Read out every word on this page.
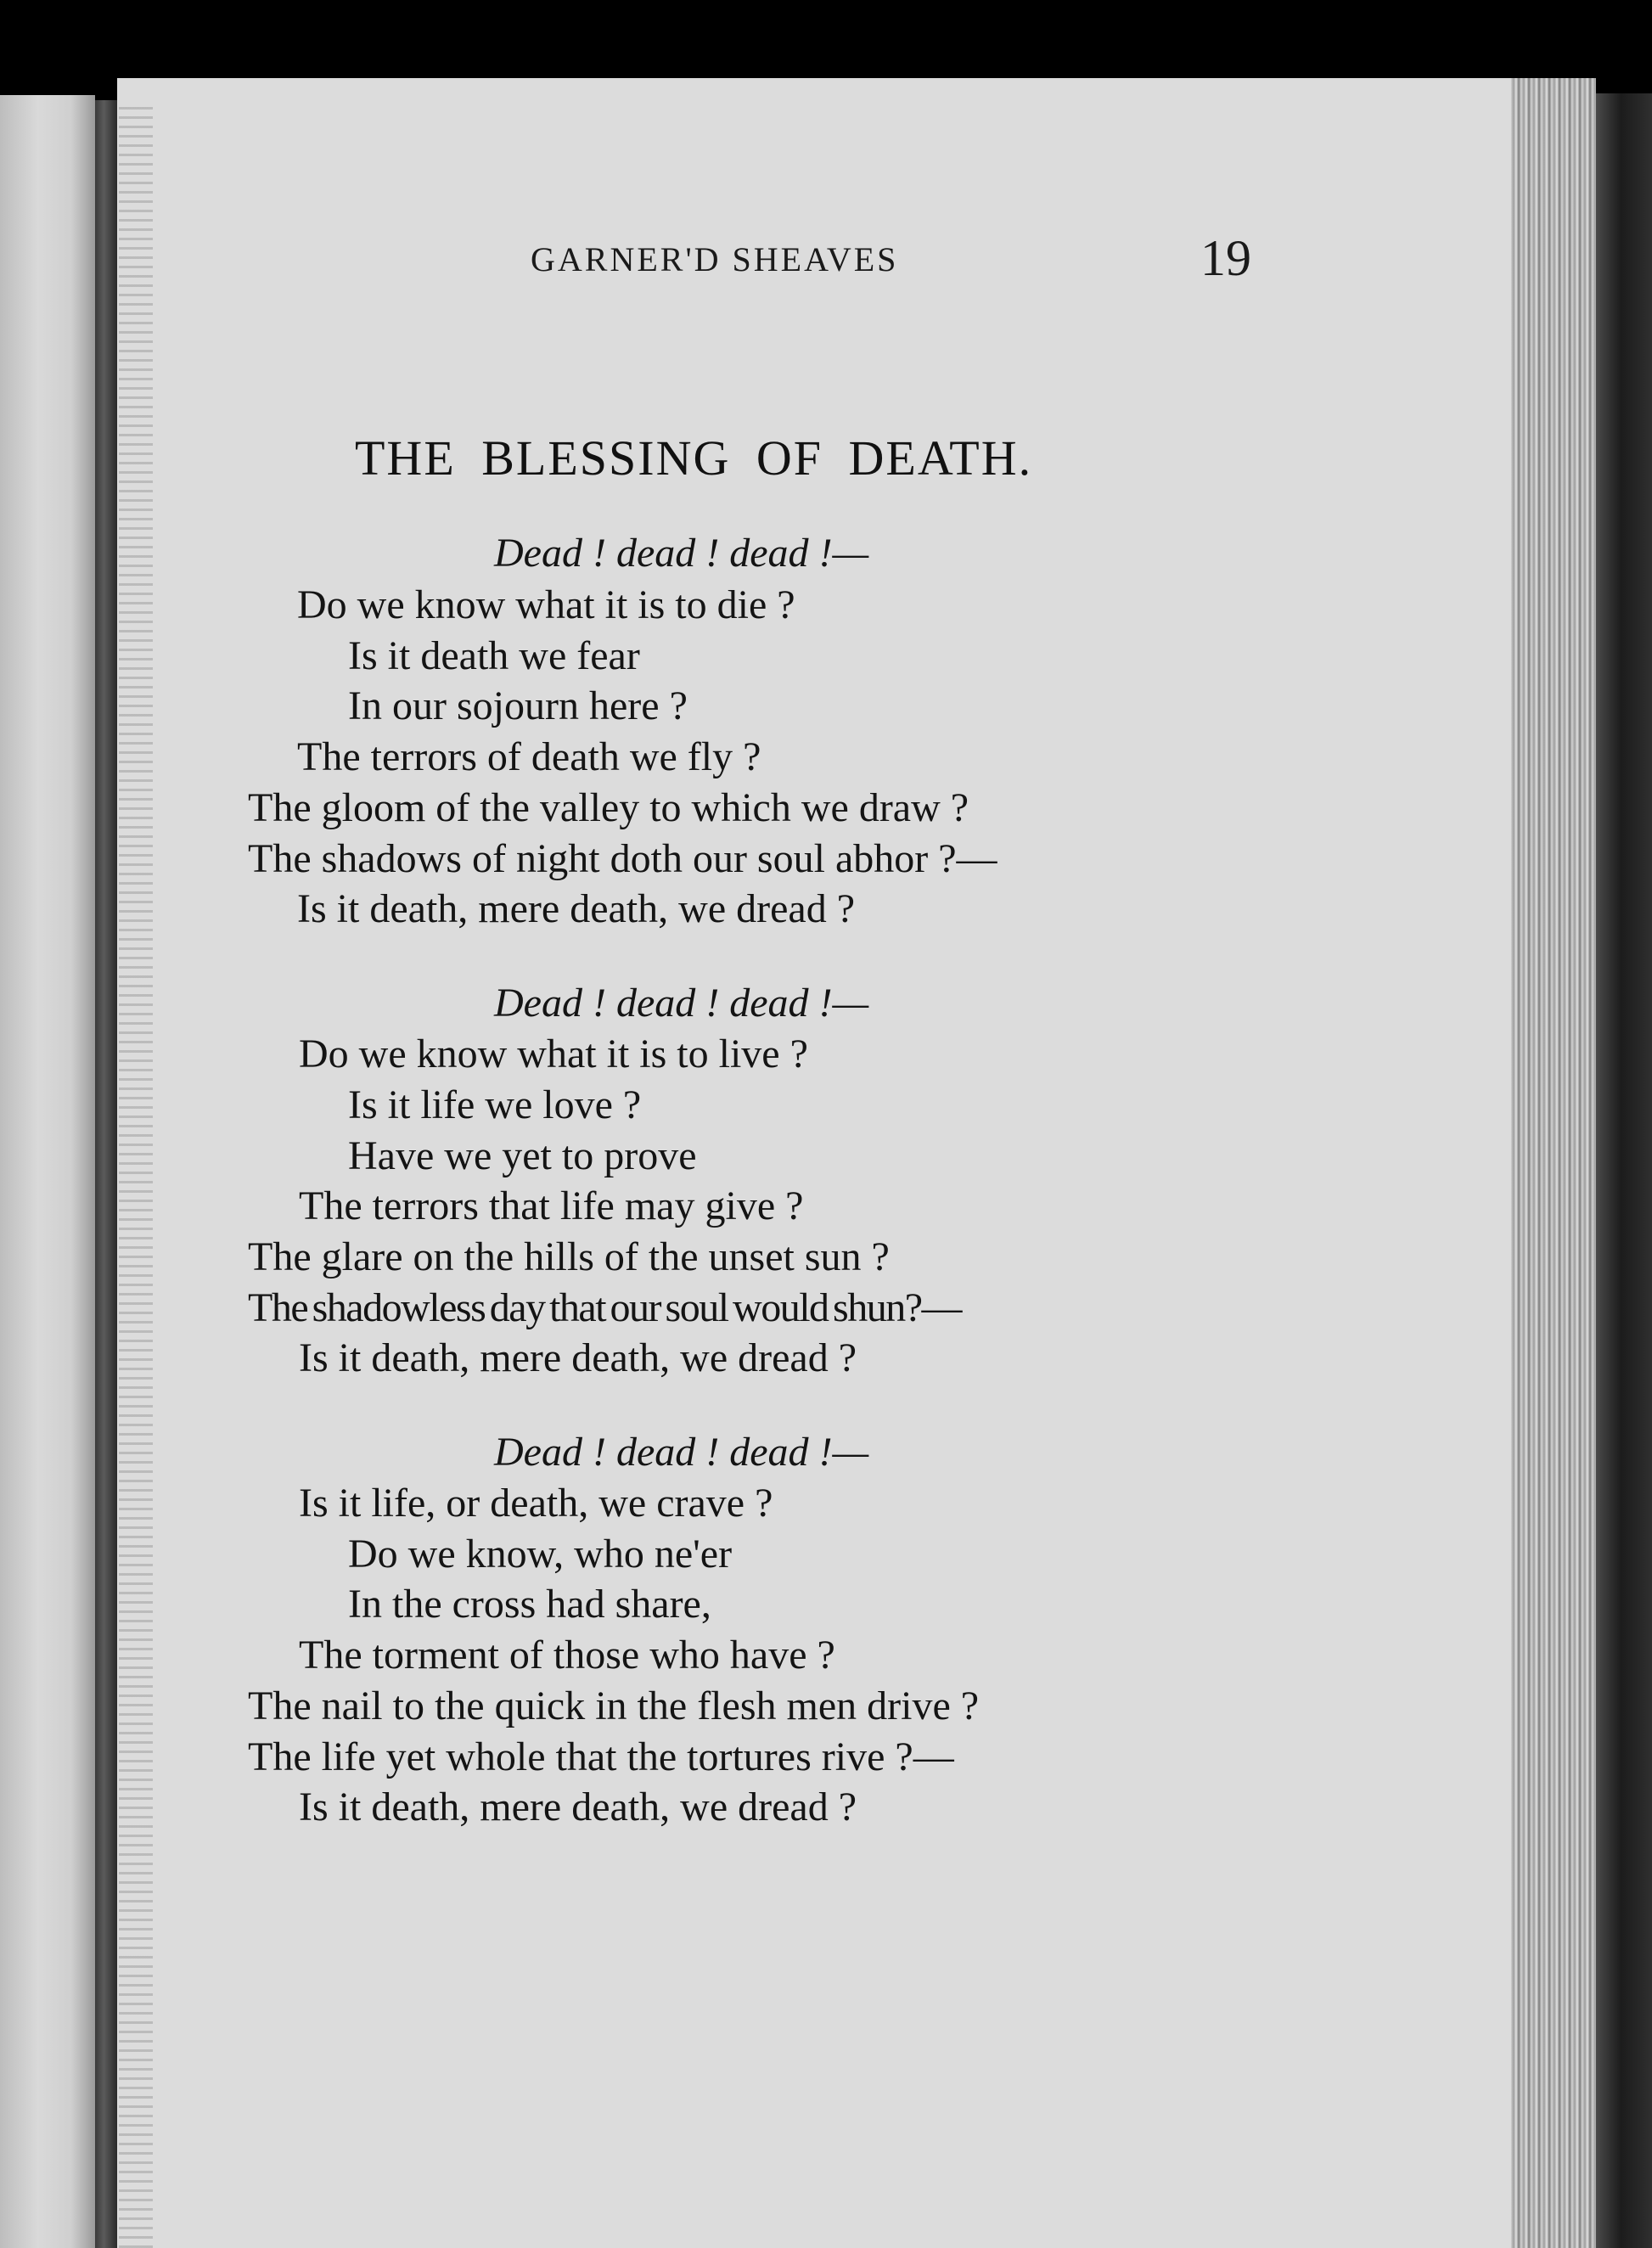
GARNER'D SHEAVES	19
THE BLESSING OF DEATH.
Dead ! dead ! dead !—
Do we know what it is to die ?
Is it death we fear
In our sojourn here ?
The terrors of death we fly ?
The gloom of the valley to which we draw ?
The shadows of night doth our soul abhor ?—
Is it death, mere death, we dread ?
Dead ! dead ! dead !—
Do we know what it is to live ?
Is it life we love ?
Have we yet to prove
The terrors that life may give ?
The glare on the hills of the unset sun ?
The shadowless day that our soul would shun?—
Is it death, mere death, we dread ?
Dead ! dead ! dead !—
Is it life, or death, we crave ?
Do we know, who ne'er
In the cross had share,
The torment of those who have ?
The nail to the quick in the flesh men drive ?
The life yet whole that the tortures rive ?—
Is it death, mere death, we dread ?
